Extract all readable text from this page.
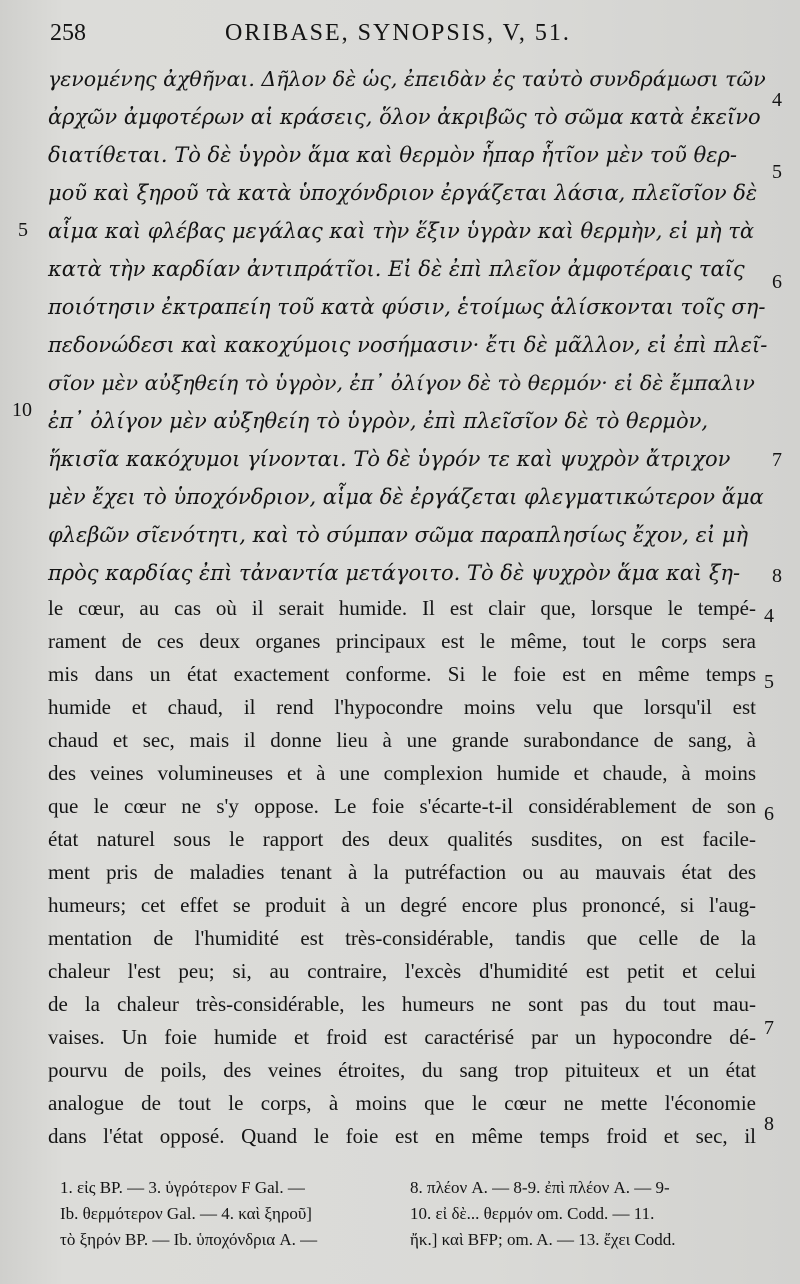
258	ORIBASE, SYNOPSIS, V, 51.
γενομένης ἀχθῆναι. Δῆλον δὲ ὡς, ἐπειδὰν ἐς ταὐτὸ συνδράμωσι τῶν
ἀρχῶν ἀμφοτέρων αἱ κράσεις, ὅλον ἀκριβῶς τὸ σῶμα κατὰ ἐκεῖνο
διατίθεται. Τὸ δὲ ὑγρὸν ἅμα καὶ θερμὸν ἧπαρ ἧτῖον μὲν τοῦ θερ-
μοῦ καὶ ξηροῦ τὰ κατὰ ὑποχόνδριον ἐργάζεται λάσια, πλεῖσῖον δὲ
αἷμα καὶ φλέβας μεγάλας καὶ τὴν ἕξιν ὑγρὰν καὶ θερμὴν, εἰ μὴ τὰ
κατὰ τὴν καρδίαν ἀντιπράτῖοι. Εἰ δὲ ἐπὶ πλεῖον ἀμφοτέραις ταῖς
ποιότησιν ἐκτραπείη τοῦ κατὰ φύσιν, ἑτοίμως ἁλίσκονται τοῖς ση-
πεδονώδεσι καὶ κακοχύμοις νοσήμασιν· ἔτι δὲ μᾶλλον, εἰ ἐπὶ πλεῖ-
σῖον μὲν αὐξηθείη τὸ ὑγρὸν, ἐπ᾽ ὀλίγον δὲ τὸ θερμόν· εἰ δὲ ἔμπαλιν
ἐπ᾽ ὀλίγον μὲν αὐξηθείη τὸ ὑγρὸν, ἐπὶ πλεῖσῖον δὲ τὸ θερμὸν,
ἥκισῖα κακόχυμοι γίνονται. Τὸ δὲ ὑγρόν τε καὶ ψυχρὸν ἄτριχον
μὲν ἔχει τὸ ὑποχόνδριον, αἷμα δὲ ἐργάζεται φλεγματικώτερον ἅμα
φλεβῶν σῖενότητι, καὶ τὸ σύμπαν σῶμα παραπλησίως ἔχον, εἰ μὴ
πρὸς καρδίας ἐπὶ τἀναντία μετάγοιτο. Τὸ δὲ ψυχρὸν ἅμα καὶ ξη-
5
10
4
5
6
7
8
le cœur, au cas où il serait humide. Il est clair que, lorsque le tempé-
rament de ces deux organes principaux est le même, tout le corps sera
mis dans un état exactement conforme. Si le foie est en même temps
humide et chaud, il rend l'hypocondre moins velu que lorsqu'il est
chaud et sec, mais il donne lieu à une grande surabondance de sang, à
des veines volumineuses et à une complexion humide et chaude, à moins
que le cœur ne s'y oppose. Le foie s'écarte-t-il considérablement de son
état naturel sous le rapport des deux qualités susdites, on est facile-
ment pris de maladies tenant à la putréfaction ou au mauvais état des
humeurs; cet effet se produit à un degré encore plus prononcé, si l'aug-
mentation de l'humidité est très-considérable, tandis que celle de la
chaleur l'est peu; si, au contraire, l'excès d'humidité est petit et celui
de la chaleur très-considérable, les humeurs ne sont pas du tout mau-
vaises. Un foie humide et froid est caractérisé par un hypocondre dé-
pourvu de poils, des veines étroites, du sang trop pituiteux et un état
analogue de tout le corps, à moins que le cœur ne mette l'économie
dans l'état opposé. Quand le foie est en même temps froid et sec, il
4
5
6
7
8
1. εἰς BP. — 3. ὑγρότερον F Gal. —
Ib. θερμότερον Gal. — 4. καὶ ξηροῦ]
τὸ ξηρόν BP. — Ib. ὑποχόνδρια A. —
8. πλέον A. — 8-9. ἐπὶ πλέον A. — 9-
10. εἰ δὲ... θερμόν om. Codd. — 11.
ἤκ.] καὶ BFP; om. A. — 13. ἔχει Codd.
